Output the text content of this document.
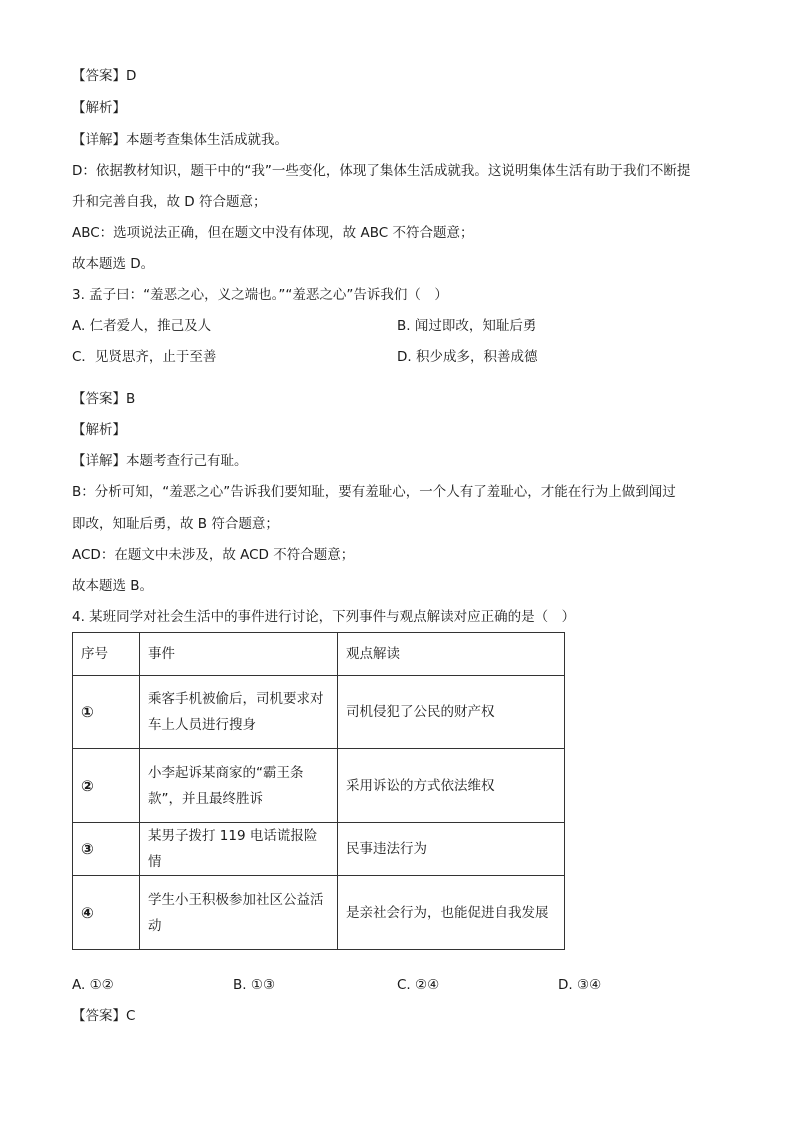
【答案】D
【解析】
【详解】本题考查集体生活成就我。
D：依据教材知识，题干中的“我”一些变化，体现了集体生活成就我。这说明集体生活有助于我们不断提
升和完善自我，故 D 符合题意；
ABC：选项说法正确，但在题文中没有体现，故 ABC 不符合题意；
故本题选 D。
3. 孟子曰：“羞恶之心，义之端也。”“羞恶之心”告诉我们（　）
A. 仁者爱人，推己及人	B. 闻过即改，知耻后勇
C．见贤思齐，止于至善	D. 积少成多，积善成德
【答案】B
【解析】
【详解】本题考查行己有耻。
B：分析可知，“羞恶之心”告诉我们要知耻，要有羞耻心，一个人有了羞耻心，才能在行为上做到闻过
即改，知耻后勇，故 B 符合题意；
ACD：在题文中未涉及，故 ACD 不符合题意；
故本题选 B。
4. 某班同学对社会生活中的事件进行讨论，下列事件与观点解读对应正确的是（　）
序号	事件	观点解读
①	乘客手机被偷后，司机要求对
车上人员进行搜身	司机侵犯了公民的财产权
②	小李起诉某商家的“霸王条
款”，并且最终胜诉	采用诉讼的方式依法维权
③	某男子拨打 119 电话谎报险情	民事违法行为
④	学生小王积极参加社区公益活
动	是亲社会行为，也能促进自我发展
A. ①②	B. ①③	C. ②④	D. ③④
【答案】C
